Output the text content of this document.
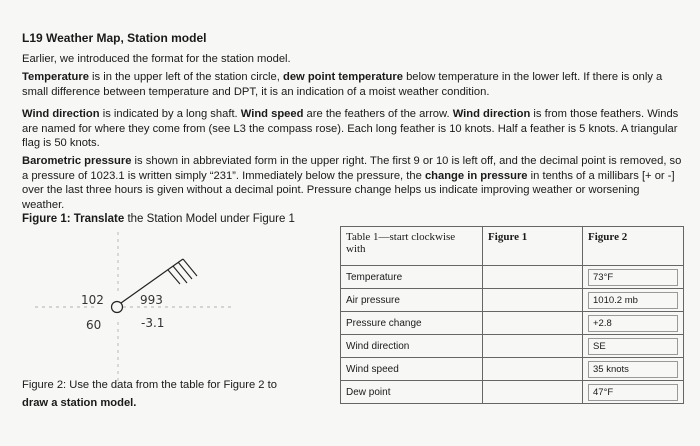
L19 Weather Map, Station model

Earlier, we introduced the format for the station model.

Temperature is in the upper left of the station circle, dew point temperature below temperature in the lower left. If there is only a small difference between temperature and DPT, it is an indication of a moist weather condition.

Wind direction is indicated by a long shaft. Wind speed are the feathers of the arrow. Wind direction is from those feathers. Winds are named for where they come from (see L3 the compass rose). Each long feather is 10 knots. Half a feather is 5 knots. A triangular flag is 50 knots.

Barometric pressure is shown in abbreviated form in the upper right. The first 9 or 10 is left off, and the decimal point is removed, so a pressure of 1023.1 is written simply “231”. Immediately below the pressure, the change in pressure in tenths of a millibars [+ or -] over the last three hours is given without a decimal point. Pressure change helps us indicate improving weather or worsening weather.

Figure 1: Translate the Station Model under Figure 1
102
60
993
-3.1
Figure 2: Use the data from the table for Figure 2 to
draw a station model.
Table 1—start clockwise with	Figure 1	Figure 2
Temperature		73°F
Air pressure		1010.2 mb
Pressure change		+2.8
Wind direction		SE
Wind speed		35 knots
Dew point		47°F
